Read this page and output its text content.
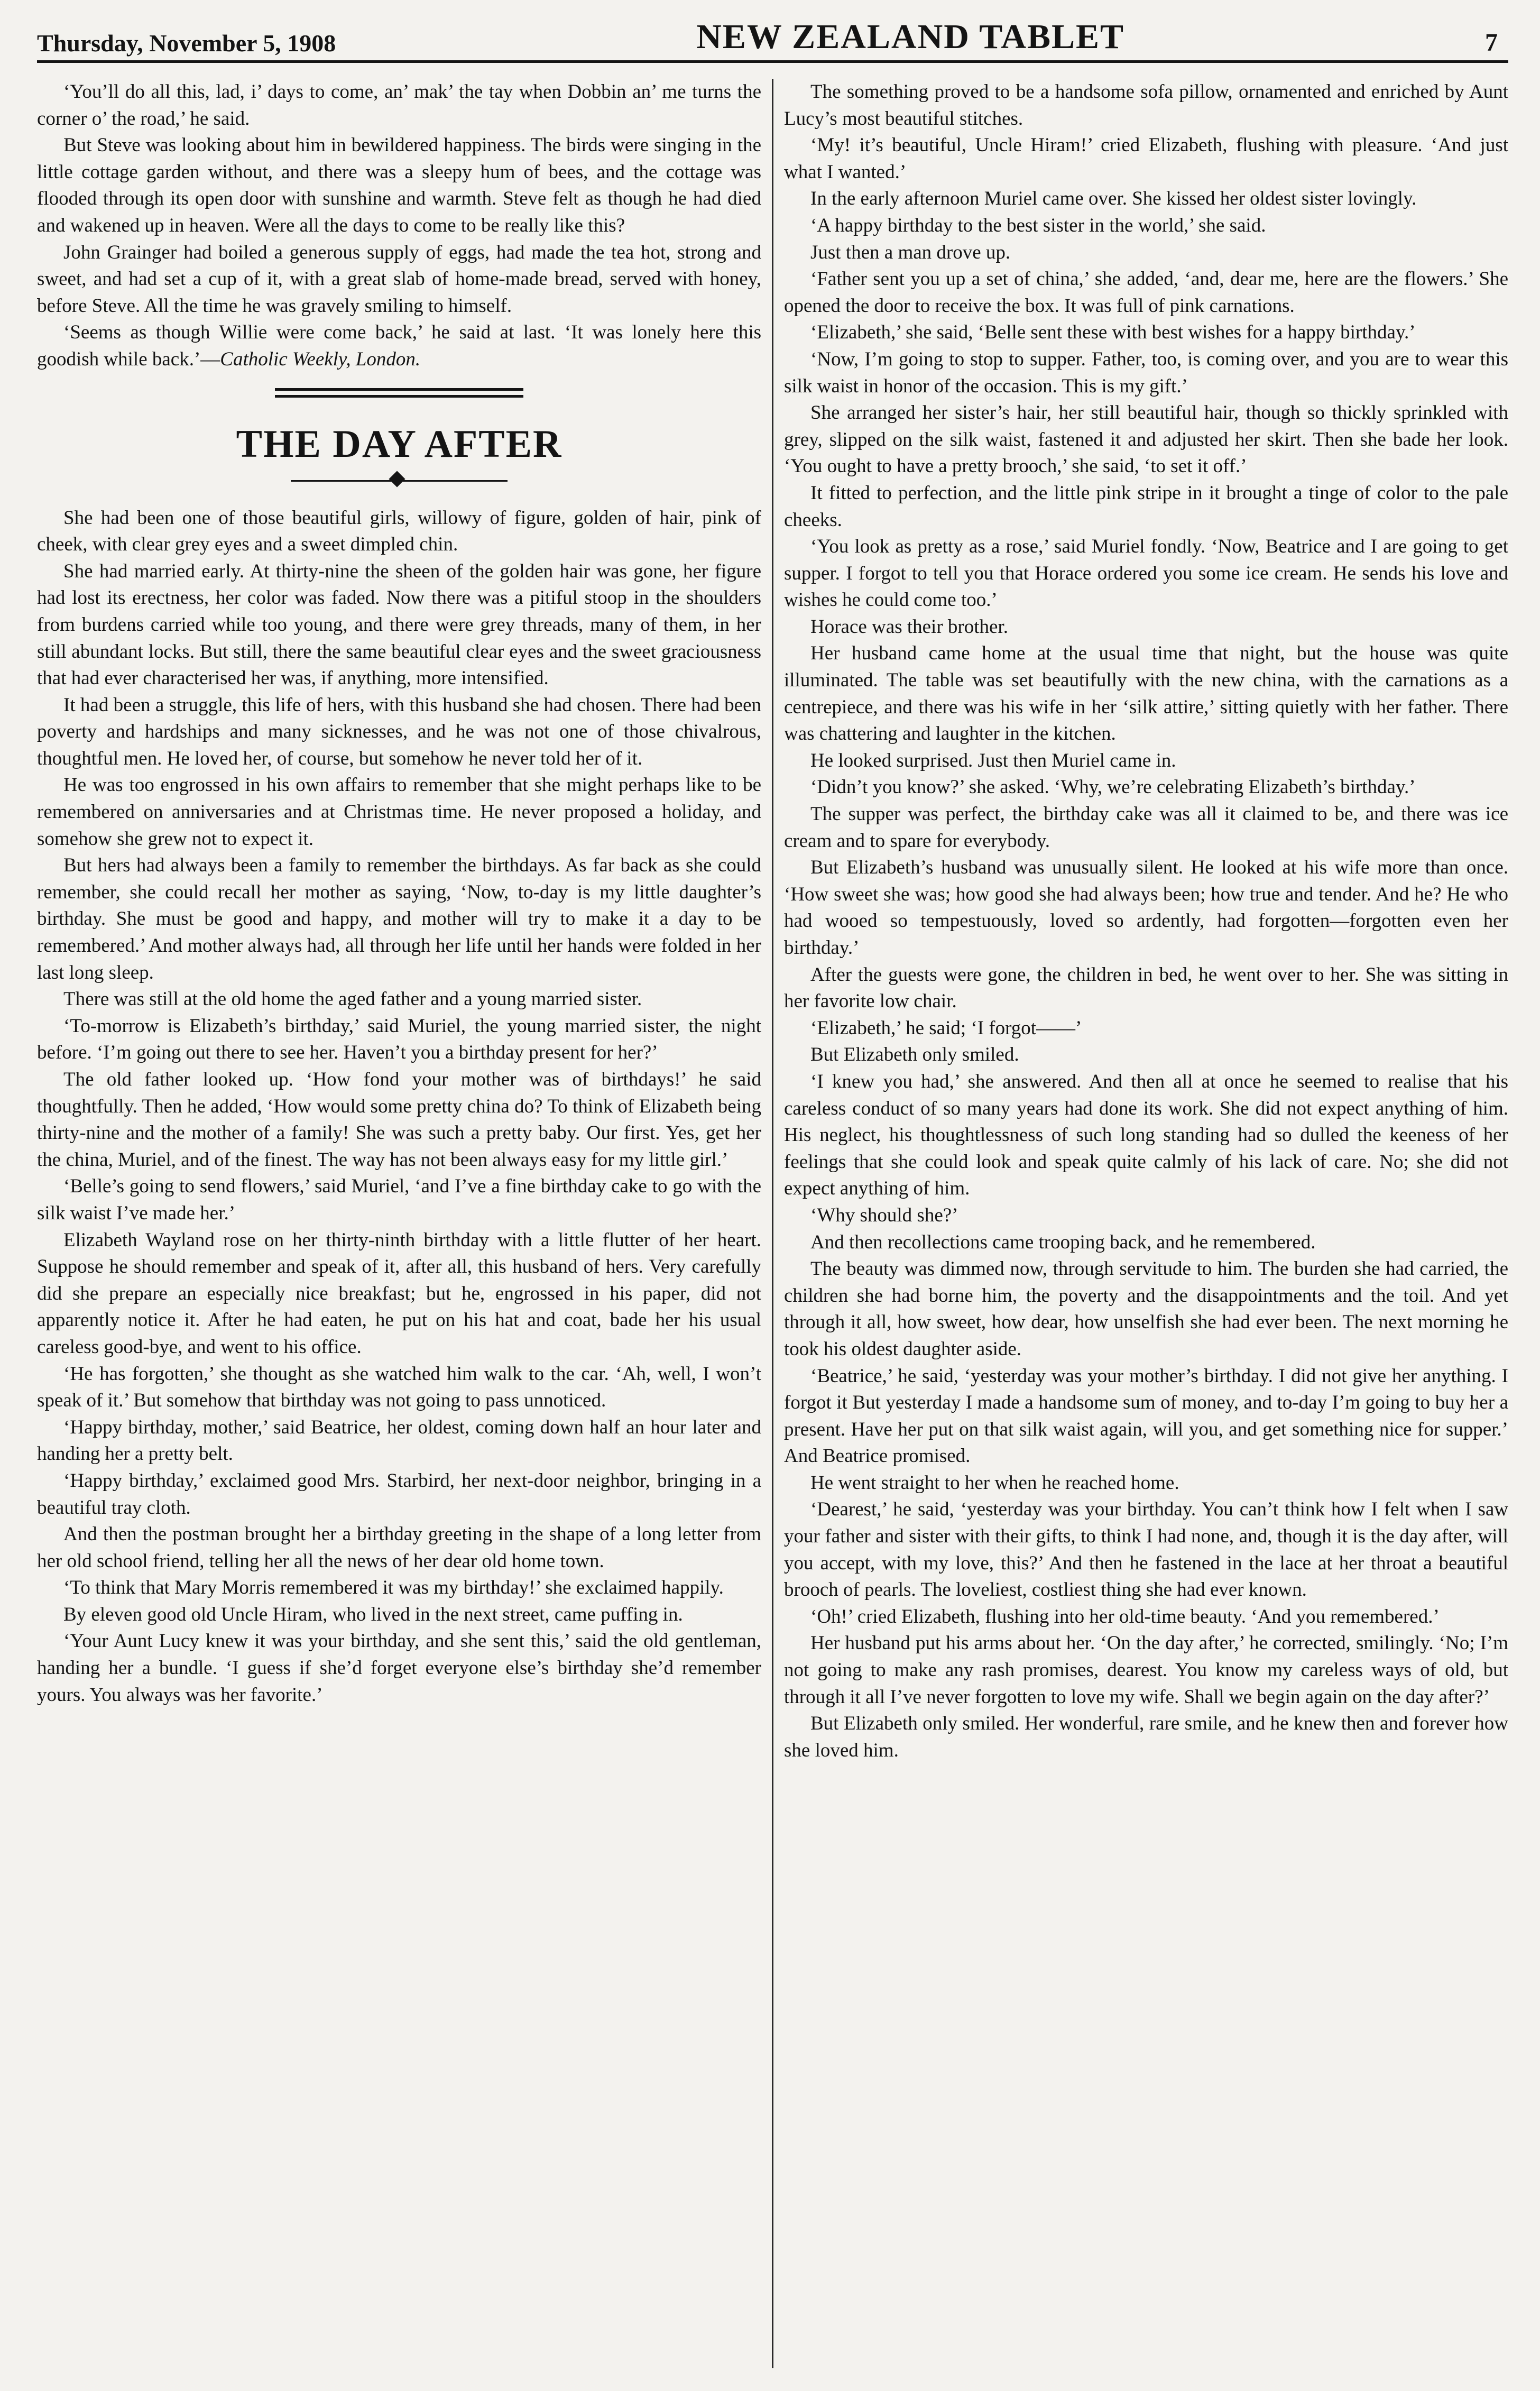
Thursday, November 5, 1908	NEW ZEALAND TABLET	7

‘You’ll do all this, lad, i’ days to come, an’ mak’ the tay when Dobbin an’ me turns the corner o’ the road,’ he said.

But Steve was looking about him in bewildered happiness. The birds were singing in the little cottage garden without, and there was a sleepy hum of bees, and the cottage was flooded through its open door with sunshine and warmth. Steve felt as though he had died and wakened up in heaven. Were all the days to come to be really like this?

John Grainger had boiled a generous supply of eggs, had made the tea hot, strong and sweet, and had set a cup of it, with a great slab of home-made bread, served with honey, before Steve. All the time he was gravely smiling to himself.

‘Seems as though Willie were come back,’ he said at last. ‘It was lonely here this goodish while back.’—Catholic Weekly, London.

THE DAY AFTER

She had been one of those beautiful girls, willowy of figure, golden of hair, pink of cheek, with clear grey eyes and a sweet dimpled chin.

She had married early. At thirty-nine the sheen of the golden hair was gone, her figure had lost its erectness, her color was faded. Now there was a pitiful stoop in the shoulders from burdens carried while too young, and there were grey threads, many of them, in her still abundant locks. But still, there the same beautiful clear eyes and the sweet graciousness that had ever characterised her was, if anything, more intensified.

It had been a struggle, this life of hers, with this husband she had chosen. There had been poverty and hardships and many sicknesses, and he was not one of those chivalrous, thoughtful men. He loved her, of course, but somehow he never told her of it.

He was too engrossed in his own affairs to remember that she might perhaps like to be remembered on anniversaries and at Christmas time. He never proposed a holiday, and somehow she grew not to expect it.

But hers had always been a family to remember the birthdays. As far back as she could remember, she could recall her mother as saying, ‘Now, to-day is my little daughter’s birthday. She must be good and happy, and mother will try to make it a day to be remembered.’ And mother always had, all through her life until her hands were folded in her last long sleep.

There was still at the old home the aged father and a young married sister.

‘To-morrow is Elizabeth’s birthday,’ said Muriel, the young married sister, the night before. ‘I’m going out there to see her. Haven’t you a birthday present for her?’

The old father looked up. ‘How fond your mother was of birthdays!’ he said thoughtfully. Then he added, ‘How would some pretty china do? To think of Elizabeth being thirty-nine and the mother of a family! She was such a pretty baby. Our first. Yes, get her the china, Muriel, and of the finest. The way has not been always easy for my little girl.’

‘Belle’s going to send flowers,’ said Muriel, ‘and I’ve a fine birthday cake to go with the silk waist I’ve made her.’

Elizabeth Wayland rose on her thirty-ninth birthday with a little flutter of her heart. Suppose he should remember and speak of it, after all, this husband of hers. Very carefully did she prepare an especially nice breakfast; but he, engrossed in his paper, did not apparently notice it. After he had eaten, he put on his hat and coat, bade her his usual careless good-bye, and went to his office.

‘He has forgotten,’ she thought as she watched him walk to the car. ‘Ah, well, I won’t speak of it.’ But somehow that birthday was not going to pass unnoticed.

‘Happy birthday, mother,’ said Beatrice, her oldest, coming down half an hour later and handing her a pretty belt.

‘Happy birthday,’ exclaimed good Mrs. Starbird, her next-door neighbor, bringing in a beautiful tray cloth.

And then the postman brought her a birthday greeting in the shape of a long letter from her old school friend, telling her all the news of her dear old home town.

‘To think that Mary Morris remembered it was my birthday!’ she exclaimed happily.

By eleven good old Uncle Hiram, who lived in the next street, came puffing in.

‘Your Aunt Lucy knew it was your birthday, and she sent this,’ said the old gentleman, handing her a bundle. ‘I guess if she’d forget everyone else’s birthday she’d remember yours. You always was her favorite.’

The something proved to be a handsome sofa pillow, ornamented and enriched by Aunt Lucy’s most beautiful stitches.

‘My! it’s beautiful, Uncle Hiram!’ cried Elizabeth, flushing with pleasure. ‘And just what I wanted.’

In the early afternoon Muriel came over. She kissed her oldest sister lovingly.

‘A happy birthday to the best sister in the world,’ she said.

Just then a man drove up.

‘Father sent you up a set of china,’ she added, ‘and, dear me, here are the flowers.’ She opened the door to receive the box. It was full of pink carnations.

‘Elizabeth,’ she said, ‘Belle sent these with best wishes for a happy birthday.’

‘Now, I’m going to stop to supper. Father, too, is coming over, and you are to wear this silk waist in honor of the occasion. This is my gift.’

She arranged her sister’s hair, her still beautiful hair, though so thickly sprinkled with grey, slipped on the silk waist, fastened it and adjusted her skirt. Then she bade her look. ‘You ought to have a pretty brooch,’ she said, ‘to set it off.’

It fitted to perfection, and the little pink stripe in it brought a tinge of color to the pale cheeks.

‘You look as pretty as a rose,’ said Muriel fondly. ‘Now, Beatrice and I are going to get supper. I forgot to tell you that Horace ordered you some ice cream. He sends his love and wishes he could come too.’

Horace was their brother.

Her husband came home at the usual time that night, but the house was quite illuminated. The table was set beautifully with the new china, with the carnations as a centrepiece, and there was his wife in her ‘silk attire,’ sitting quietly with her father. There was chattering and laughter in the kitchen.

He looked surprised. Just then Muriel came in.

‘Didn’t you know?’ she asked. ‘Why, we’re celebrating Elizabeth’s birthday.’

The supper was perfect, the birthday cake was all it claimed to be, and there was ice cream and to spare for everybody.

But Elizabeth’s husband was unusually silent. He looked at his wife more than once. ‘How sweet she was; how good she had always been; how true and tender. And he? He who had wooed so tempestuously, loved so ardently, had forgotten—forgotten even her birthday.’

After the guests were gone, the children in bed, he went over to her. She was sitting in her favorite low chair.

‘Elizabeth,’ he said; ‘I forgot——’

But Elizabeth only smiled.

‘I knew you had,’ she answered. And then all at once he seemed to realise that his careless conduct of so many years had done its work. She did not expect anything of him. His neglect, his thoughtlessness of such long standing had so dulled the keeness of her feelings that she could look and speak quite calmly of his lack of care. No; she did not expect anything of him.

‘Why should she?’

And then recollections came trooping back, and he remembered.

The beauty was dimmed now, through servitude to him. The burden she had carried, the children she had borne him, the poverty and the disappointments and the toil. And yet through it all, how sweet, how dear, how unselfish she had ever been. The next morning he took his oldest daughter aside.

‘Beatrice,’ he said, ‘yesterday was your mother’s birthday. I did not give her anything. I forgot it But yesterday I made a handsome sum of money, and to-day I’m going to buy her a present. Have her put on that silk waist again, will you, and get something nice for supper.’ And Beatrice promised.

He went straight to her when he reached home.

‘Dearest,’ he said, ‘yesterday was your birthday. You can’t think how I felt when I saw your father and sister with their gifts, to think I had none, and, though it is the day after, will you accept, with my love, this?’ And then he fastened in the lace at her throat a beautiful brooch of pearls. The loveliest, costliest thing she had ever known.

‘Oh!’ cried Elizabeth, flushing into her old-time beauty. ‘And you remembered.’

Her husband put his arms about her. ‘On the day after,’ he corrected, smilingly. ‘No; I’m not going to make any rash promises, dearest. You know my careless ways of old, but through it all I’ve never forgotten to love my wife. Shall we begin again on the day after?’

But Elizabeth only smiled. Her wonderful, rare smile, and he knew then and forever how she loved him.
